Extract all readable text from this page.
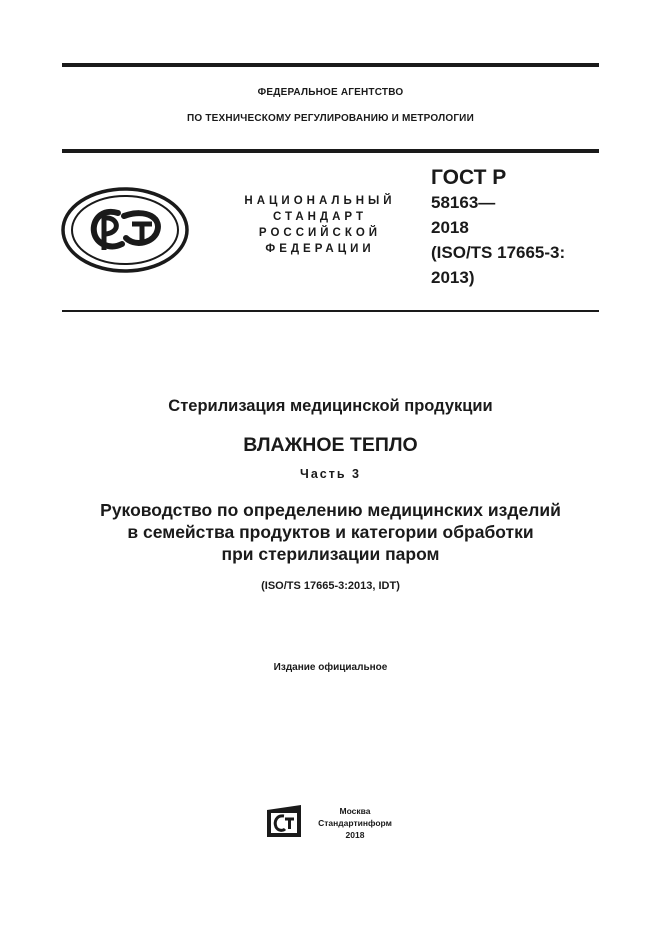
ФЕДЕРАЛЬНОЕ АГЕНТСТВО
ПО ТЕХНИЧЕСКОМУ РЕГУЛИРОВАНИЮ И МЕТРОЛОГИИ
НАЦИОНАЛЬНЫЙ
СТАНДАРТ
РОССИЙСКОЙ
ФЕДЕРАЦИИ
ГОСТ Р
58163—
2018
(ISO/TS 17665-3:
2013)
Стерилизация медицинской продукции
ВЛАЖНОЕ ТЕПЛО
Часть 3
Руководство по определению медицинских изделий
в семейства продуктов и категории обработки
при стерилизации паром
(ISO/TS 17665-3:2013, IDT)
Издание официальное
Москва
Стандартинформ
2018
